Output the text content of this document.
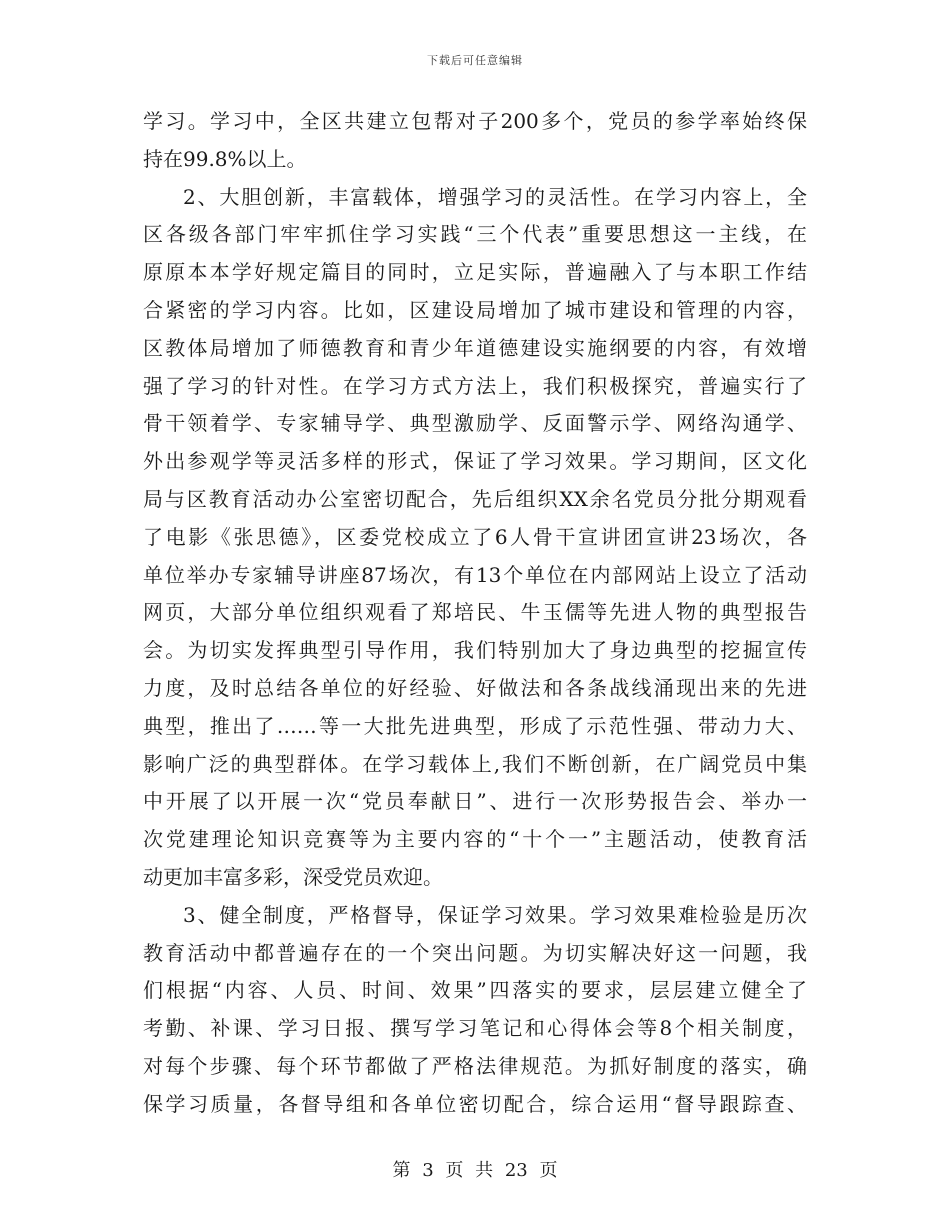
下载后可任意编辑
学习。学习中，全区共建立包帮对子200多个，党员的参学率始终保
持在99.8%以上。
2、大胆创新，丰富载体，增强学习的灵活性。在学习内容上，全
区各级各部门牢牢抓住学习实践“三个代表”重要思想这一主线，在
原原本本学好规定篇目的同时，立足实际，普遍融入了与本职工作结
合紧密的学习内容。比如，区建设局增加了城市建设和管理的内容，
区教体局增加了师德教育和青少年道德建设实施纲要的内容，有效增
强了学习的针对性。在学习方式方法上，我们积极探究，普遍实行了
骨干领着学、专家辅导学、典型激励学、反面警示学、网络沟通学、
外出参观学等灵活多样的形式，保证了学习效果。学习期间，区文化
局与区教育活动办公室密切配合，先后组织XX余名党员分批分期观看
了电影《张思德》，区委党校成立了6人骨干宣讲团宣讲23场次，各
单位举办专家辅导讲座87场次，有13个单位在内部网站上设立了活动
网页，大部分单位组织观看了郑培民、牛玉儒等先进人物的典型报告
会。为切实发挥典型引导作用，我们特别加大了身边典型的挖掘宣传
力度，及时总结各单位的好经验、好做法和各条战线涌现出来的先进
典型，推出了……等一大批先进典型，形成了示范性强、带动力大、
影响广泛的典型群体。在学习载体上,我们不断创新，在广阔党员中集
中开展了以开展一次“党员奉献日”、进行一次形势报告会、举办一
次党建理论知识竞赛等为主要内容的“十个一”主题活动，使教育活
动更加丰富多彩，深受党员欢迎。
3、健全制度，严格督导，保证学习效果。学习效果难检验是历次
教育活动中都普遍存在的一个突出问题。为切实解决好这一问题，我
们根据“内容、人员、时间、效果”四落实的要求，层层建立健全了
考勤、补课、学习日报、撰写学习笔记和心得体会等8个相关制度，
对每个步骤、每个环节都做了严格法律规范。为抓好制度的落实，确
保学习质量，各督导组和各单位密切配合，综合运用“督导跟踪查、
第 3 页 共 23 页
